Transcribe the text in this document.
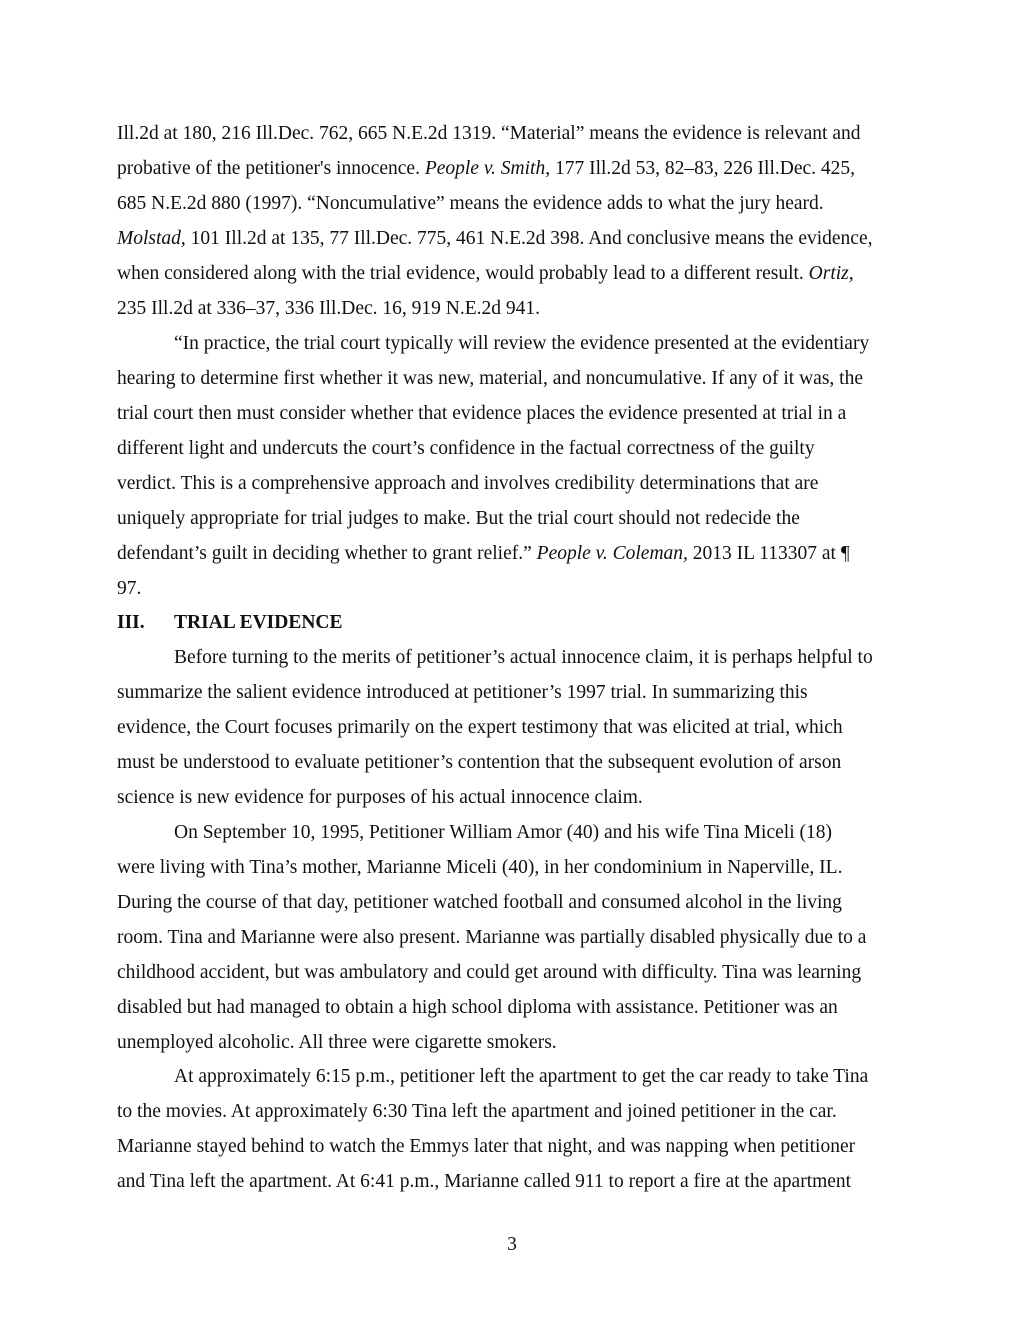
Ill.2d at 180, 216 Ill.Dec. 762, 665 N.E.2d 1319. “Material” means the evidence is relevant and

probative of the petitioner's innocence. People v. Smith, 177 Ill.2d 53, 82–83, 226 Ill.Dec. 425,

685 N.E.2d 880 (1997). “Noncumulative” means the evidence adds to what the jury heard.

Molstad, 101 Ill.2d at 135, 77 Ill.Dec. 775, 461 N.E.2d 398. And conclusive means the evidence,

when considered along with the trial evidence, would probably lead to a different result. Ortiz,

235 Ill.2d at 336–37, 336 Ill.Dec. 16, 919 N.E.2d 941.

“In practice, the trial court typically will review the evidence presented at the evidentiary

hearing to determine first whether it was new, material, and noncumulative. If any of it was, the

trial court then must consider whether that evidence places the evidence presented at trial in a

different light and undercuts the court’s confidence in the factual correctness of the guilty

verdict. This is a comprehensive approach and involves credibility determinations that are

uniquely appropriate for trial judges to make. But the trial court should not redecide the

defendant’s guilt in deciding whether to grant relief.” People v. Coleman, 2013 IL 113307 at ¶

97.

III. TRIAL EVIDENCE

Before turning to the merits of petitioner’s actual innocence claim, it is perhaps helpful to

summarize the salient evidence introduced at petitioner’s 1997 trial. In summarizing this

evidence, the Court focuses primarily on the expert testimony that was elicited at trial, which

must be understood to evaluate petitioner’s contention that the subsequent evolution of arson

science is new evidence for purposes of his actual innocence claim.

On September 10, 1995, Petitioner William Amor (40) and his wife Tina Miceli (18)

were living with Tina’s mother, Marianne Miceli (40), in her condominium in Naperville, IL.

During the course of that day, petitioner watched football and consumed alcohol in the living

room. Tina and Marianne were also present. Marianne was partially disabled physically due to a

childhood accident, but was ambulatory and could get around with difficulty. Tina was learning

disabled but had managed to obtain a high school diploma with assistance. Petitioner was an

unemployed alcoholic. All three were cigarette smokers.

At approximately 6:15 p.m., petitioner left the apartment to get the car ready to take Tina

to the movies. At approximately 6:30 Tina left the apartment and joined petitioner in the car.

Marianne stayed behind to watch the Emmys later that night, and was napping when petitioner

and Tina left the apartment. At 6:41 p.m., Marianne called 911 to report a fire at the apartment

3
